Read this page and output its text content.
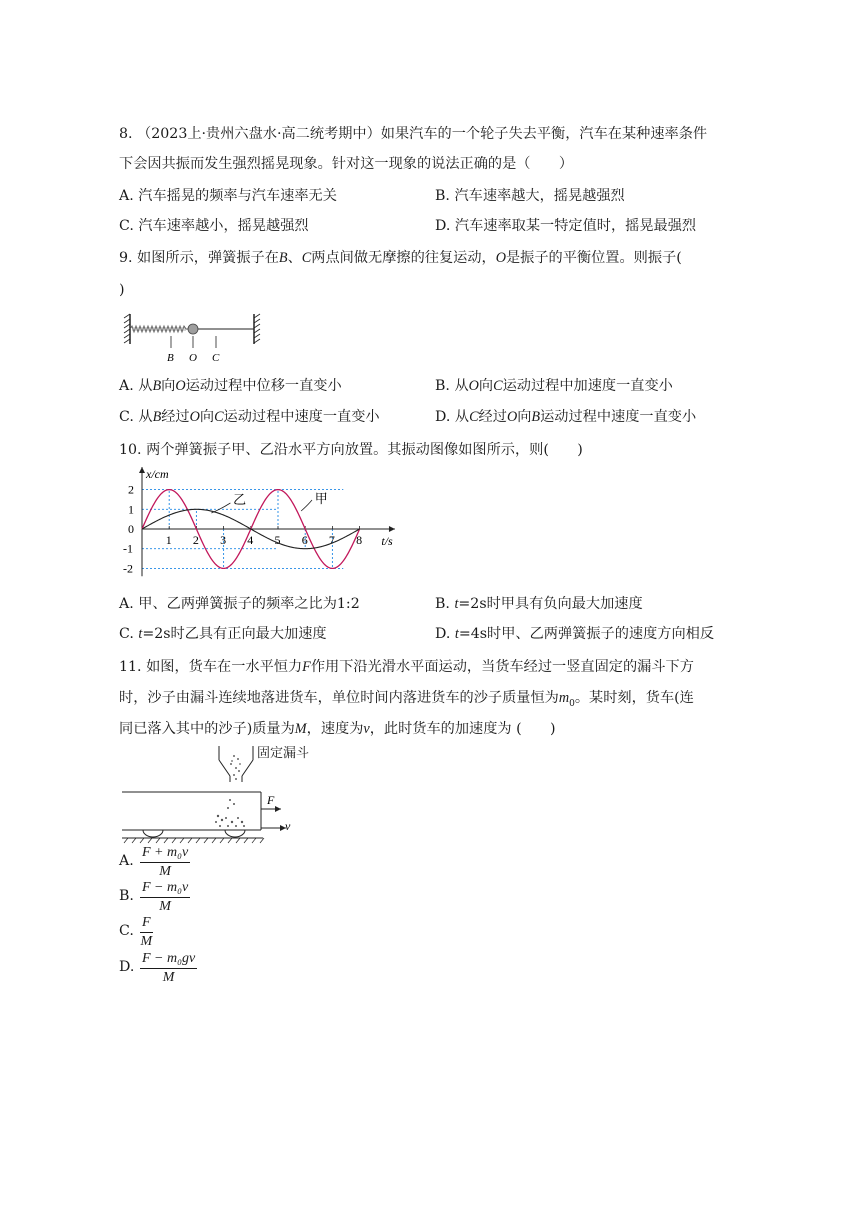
8. （2023上·贵州六盘水·高二统考期中）如果汽车的一个轮子失去平衡，汽车在某种速率条件
下会因共振而发生强烈摇晃现象。针对这一现象的说法正确的是（　　）
A. 汽车摇晃的频率与汽车速率无关	B. 汽车速率越大，摇晃越强烈
C. 汽车速率越小，摇晃越强烈	D. 汽车速率取某一特定值时，摇晃最强烈
9. 如图所示，弹簧振子在B、C两点间做无摩擦的往复运动，O是振子的平衡位置。则振子(
)
B O C
A. 从B向O运动过程中位移一直变小	B. 从O向C运动过程中加速度一直变小
C. 从B经过O向C运动过程中速度一直变小	D. 从C经过O向B运动过程中速度一直变小
10. 两个弹簧振子甲、乙沿水平方向放置。其振动图像如图所示，则(　　)
1 2 3 4 5 6 7 8
2
1
0
-1
-2
甲
乙
x/cm
t/s
A. 甲、乙两弹簧振子的频率之比为1:2	B. t=2s时甲具有负向最大加速度
C. t=2s时乙具有正向最大加速度	D. t=4s时甲、乙两弹簧振子的速度方向相反
11. 如图，货车在一水平恒力F作用下沿光滑水平面运动，当货车经过一竖直固定的漏斗下方
时，沙子由漏斗连续地落进货车，单位时间内落进货车的沙子质量恒为$m_0$。某时刻，货车(连
同已落入其中的沙子)质量为M，速度为v，此时货车的加速度为 (　　)
固定漏斗
F
v
A. $\frac{\text{F + m₀v}}{M}$
B. $\frac{\text{F − m₀v}}{M}$
C. $\frac{F}{M}$
D. $\frac{\text{F − m₀gv}}{M}$
